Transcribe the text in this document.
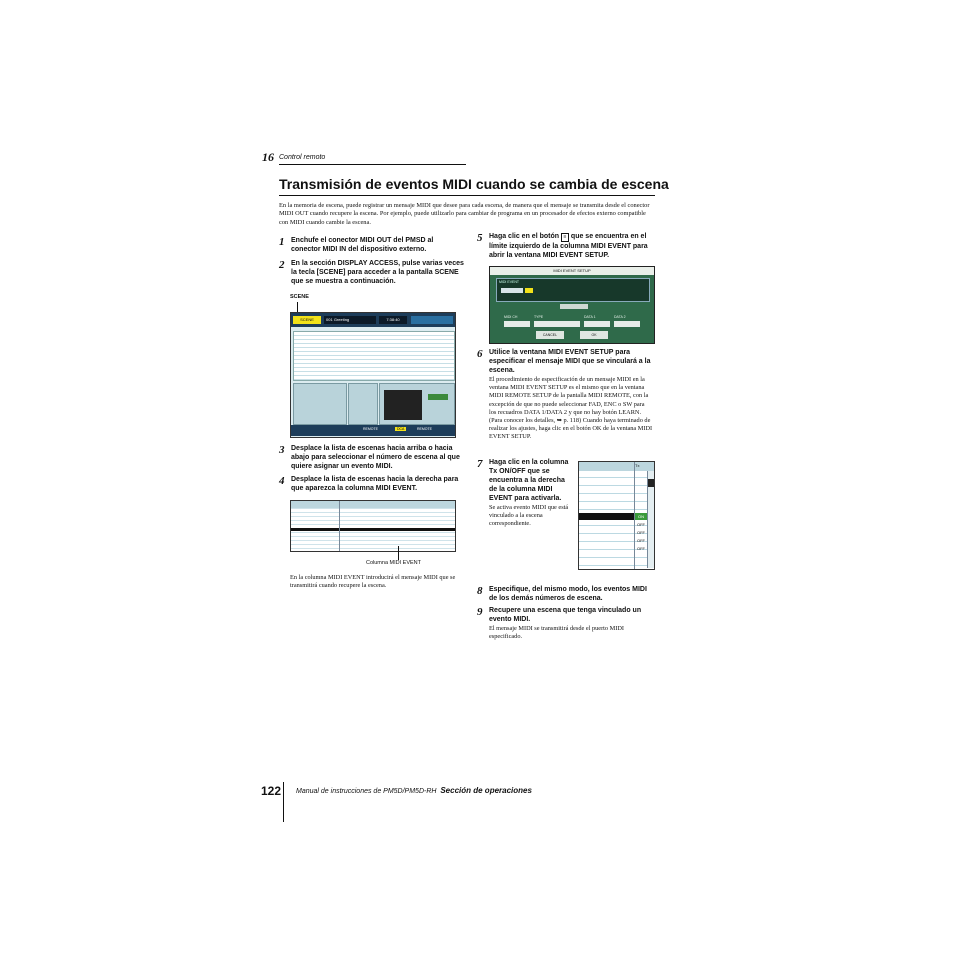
16 Control remoto
Transmisión de eventos MIDI cuando se cambia de escena
En la memoria de escena, puede registrar un mensaje MIDI que desee para cada escena, de manera que el mensaje se transmita desde el conector MIDI OUT cuando recupere la escena. Por ejemplo, puede utilizarlo para cambiar de programa en un procesador de efectos externo compatible con MIDI cuando cambie la escena.
1 Enchufe el conector MIDI OUT del PMSD al conector MIDI IN del dispositivo externo.
2 En la sección DISPLAY ACCESS, pulse varias veces la tecla [SCENE] para acceder a la pantalla SCENE que se muestra a continuación.
SCENE
SCENE	001 Greeting	7:38:40
REMOTE	DCA	REMOTE
3 Desplace la lista de escenas hacia arriba o hacia abajo para seleccionar el número de escena al que quiere asignar un evento MIDI.
4 Desplace la lista de escenas hacia la derecha para que aparezca la columna MIDI EVENT.
Columna MIDI EVENT
En la columna MIDI EVENT introducirá el mensaje MIDI que se transmitirá cuando recupere la escena.
5 Haga clic en el botón ≡ que se encuentra en el límite izquierdo de la columna MIDI EVENT para abrir la ventana MIDI EVENT SETUP.
MIDI EVENT SETUP
MIDI EVENT
MIDI CH	TYPE	DATA 1	DATA 2
CANCEL	OK
6 Utilice la ventana MIDI EVENT SETUP para especificar el mensaje MIDI que se vinculará a la escena.
El procedimiento de especificación de un mensaje MIDI en la ventana MIDI EVENT SETUP es el mismo que en la ventana MIDI REMOTE SETUP de la pantalla MIDI REMOTE, con la excepción de que no puede seleccionar FAD, ENC o SW para los recuadros DATA 1/DATA 2 y que no hay botón LEARN. (Para conocer los detalles, ➥ p. 118) Cuando haya terminado de realizar los ajustes, haga clic en el botón OK de la ventana MIDI EVENT SETUP.
7 Haga clic en la columna Tx ON/OFF que se encuentra a la derecha de la columna MIDI EVENT para activarla.
Se activa evento MIDI que está vinculado a la escena correspondiente.
Tx
ON
OFF
OFF
OFF
OFF
8 Especifique, del mismo modo, los eventos MIDI de los demás números de escena.
9 Recupere una escena que tenga vinculado un evento MIDI.
El mensaje MIDI se transmitirá desde el puerto MIDI especificado.
122 Manual de instrucciones de PM5D/PM5D-RH Sección de operaciones
